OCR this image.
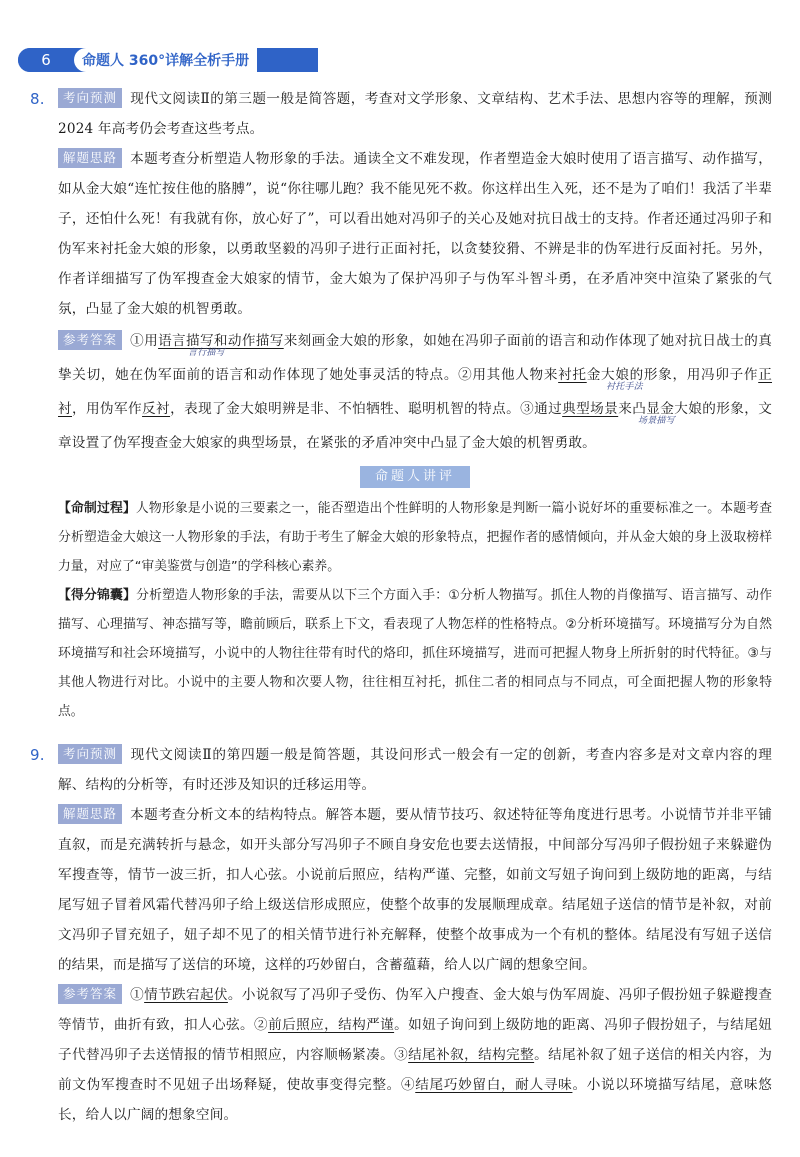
6	命题人 360°详解全析手册
8. 考向预测 现代文阅读Ⅱ的第三题一般是简答题，考查对文学形象、文章结构、艺术手法、思想内容等的理解，预测 2024 年高考仍会考查这些考点。
解题思路 本题考查分析塑造人物形象的手法。通读全文不难发现，作者塑造金大娘时使用了语言描写、动作描写，如从金大娘“连忙按住他的胳膊”，说“你往哪儿跑？我不能见死不救。你这样出生入死，还不是为了咱们！我活了半辈子，还怕什么死！有我就有你，放心好了”，可以看出她对冯卯子的关心及她对抗日战士的支持。作者还通过冯卯子和伪军来衬托金大娘的形象，以勇敢坚毅的冯卯子进行正面衬托，以贪婪狡猾、不辨是非的伪军进行反面衬托。另外，作者详细描写了伪军搜查金大娘家的情节，金大娘为了保护冯卯子与伪军斗智斗勇，在矛盾冲突中渲染了紧张的气氛，凸显了金大娘的机智勇敢。
言行描写
衬托手法
场景描写
参考答案 ①用语言描写和动作描写来刻画金大娘的形象，如她在冯卯子面前的语言和动作体现了她对抗日战士的真挚关切，她在伪军面前的语言和动作体现了她处事灵活的特点。②用其他人物来衬托金大娘的形象，用冯卯子作正衬，用伪军作反衬，表现了金大娘明辨是非、不怕牺牲、聪明机智的特点。③通过典型场景来凸显金大娘的形象，文章设置了伪军搜查金大娘家的典型场景，在紧张的矛盾冲突中凸显了金大娘的机智勇敢。
命题人讲评
【命制过程】人物形象是小说的三要素之一，能否塑造出个性鲜明的人物形象是判断一篇小说好坏的重要标准之一。本题考查分析塑造金大娘这一人物形象的手法，有助于考生了解金大娘的形象特点，把握作者的感情倾向，并从金大娘的身上汲取榜样力量，对应了“审美鉴赏与创造”的学科核心素养。
【得分锦囊】分析塑造人物形象的手法，需要从以下三个方面入手：①分析人物描写。抓住人物的肖像描写、语言描写、动作描写、心理描写、神态描写等，瞻前顾后，联系上下文，看表现了人物怎样的性格特点。②分析环境描写。环境描写分为自然环境描写和社会环境描写，小说中的人物往往带有时代的烙印，抓住环境描写，进而可把握人物身上所折射的时代特征。③与其他人物进行对比。小说中的主要人物和次要人物，往往相互衬托，抓住二者的相同点与不同点，可全面把握人物的形象特点。
9. 考向预测 现代文阅读Ⅱ的第四题一般是简答题，其设问形式一般会有一定的创新，考查内容多是对文章内容的理解、结构的分析等，有时还涉及知识的迁移运用等。
解题思路 本题考查分析文本的结构特点。解答本题，要从情节技巧、叙述特征等角度进行思考。小说情节并非平铺直叙，而是充满转折与悬念，如开头部分写冯卯子不顾自身安危也要去送情报，中间部分写冯卯子假扮妞子来躲避伪军搜查等，情节一波三折，扣人心弦。小说前后照应，结构严谨、完整，如前文写妞子询问到上级防地的距离，与结尾写妞子冒着风霜代替冯卯子给上级送信形成照应，使整个故事的发展顺理成章。结尾妞子送信的情节是补叙，对前文冯卯子冒充妞子，妞子却不见了的相关情节进行补充解释，使整个故事成为一个有机的整体。结尾没有写妞子送信的结果，而是描写了送信的环境，这样的巧妙留白，含蓄蕴藉，给人以广阔的想象空间。
参考答案 ①情节跌宕起伏。小说叙写了冯卯子受伤、伪军入户搜查、金大娘与伪军周旋、冯卯子假扮妞子躲避搜查等情节，曲折有致，扣人心弦。②前后照应，结构严谨。如妞子询问到上级防地的距离、冯卯子假扮妞子，与结尾妞子代替冯卯子去送情报的情节相照应，内容顺畅紧凑。③结尾补叙，结构完整。结尾补叙了妞子送信的相关内容，为前文伪军搜查时不见妞子出场释疑，使故事变得完整。④结尾巧妙留白，耐人寻味。小说以环境描写结尾，意味悠长，给人以广阔的想象空间。
